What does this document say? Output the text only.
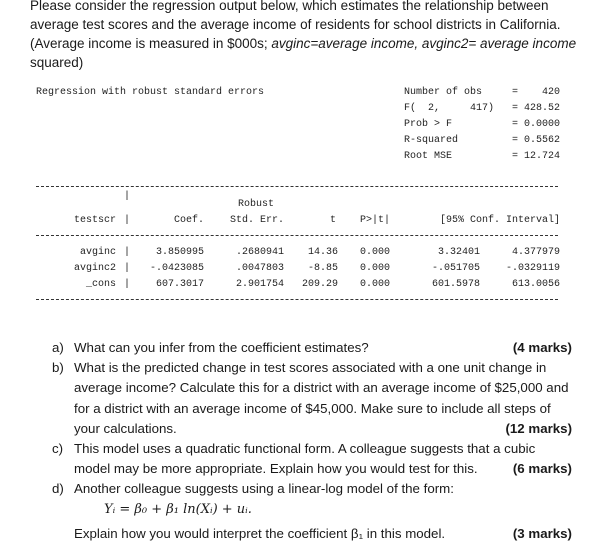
Please consider the regression output below, which estimates the relationship between
average test scores and the average income of residents for school districts in California.
(Average income is measured in $000s; avginc=average income, avginc2= average income
squared)
Regression with robust standard errors	Number of obs	=	420
F(  2,     417) = 428.52
Prob > F	= 0.0000
R-squared	= 0.5562
Root MSE	= 12.724
|
Robust
testscr |	Coef.	Std. Err.	t	P>|t|	[95% Conf. Interval]
avginc |	3.850995	.2680941	14.36	0.000	3.32401	4.377979
avginc2 |	-.0423085	.0047803	-8.85	0.000	-.051705	-.0329119
_cons |	607.3017	2.901754	209.29	0.000	601.5978	613.0056
a)	(4 marks)
What can you infer from the coefficient estimates?
b) What is the predicted change in test scores associated with a one unit change in average income? Calculate this for a district with an average income of $25,000 and for a district with an average income of $45,000. Make sure to include all steps of your calculations.	(12 marks)
c) This model uses a quadratic functional form. A colleague suggests that a cubic model may be more appropriate. Explain how you would test for this.	(6 marks)
d) Another colleague suggests using a linear-log model of the form:
Yᵢ = β₀ + β₁ ln(Xᵢ) + uᵢ.
(3 marks)
Explain how you would interpret the coefficient β₁ in this model.
